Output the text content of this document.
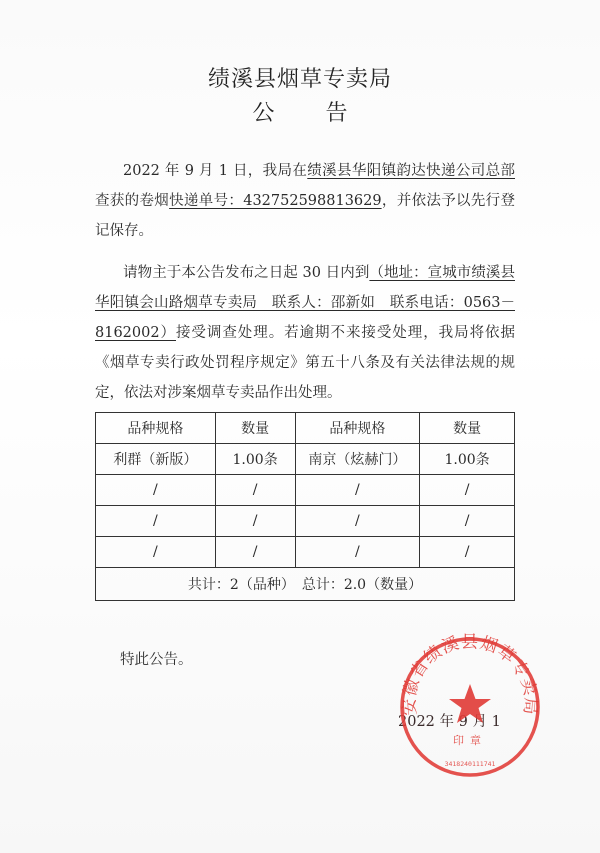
绩溪县烟草专卖局
公 告
2022 年 9 月 1 日，我局在绩溪县华阳镇韵达快递公司总部 查获的卷烟快递单号：432752598813629，并依法予以先行登记保存。
请物主于本公告发布之日起 30 日内到（地址：宣城市绩溪县华阳镇会山路烟草专卖局　联系人：邵新如　联系电话：0563－8162002）接受调查处理。若逾期不来接受处理，我局将依据《烟草专卖行政处罚程序规定》第五十八条及有关法律法规的规定，依法对涉案烟草专卖品作出处理。
品种规格	数量	品种规格	数量
利群（新版）	1.00条	南京（炫赫门）	1.00条
/	/	/	/
/	/	/	/
/	/	/	/
共计：2（品种）　总计：2.0（数量）			
特此公告。
2022 年 9 月 1
安徽省绩溪县烟草专卖局
印章
3418240111741
